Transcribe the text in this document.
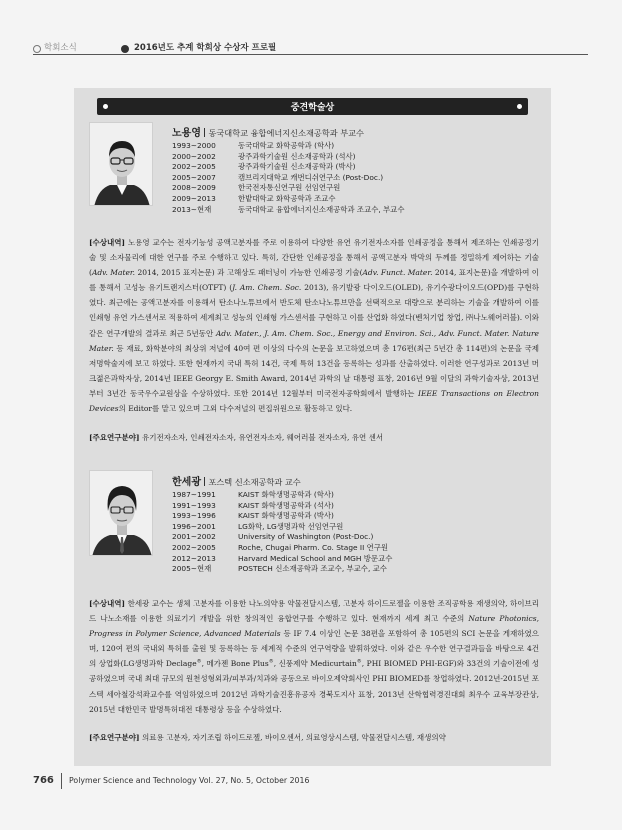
학회소식	2016년도 추계 학회상 수상자 프로필
중견학술상
노용영 동국대학교 융합에너지신소재공학과 부교수
1993~2000	동국대학교 화학공학과 (학사)
2000~2002	광주과학기술원 신소재공학과 (석사)
2002~2005	광주과학기술원 신소재공학과 (박사)
2005~2007	캠브리지대학교 캐번디쉬연구소 (Post-Doc.)
2008~2009	한국전자통신연구원 선임연구원
2009~2013	한밭대학교 화학공학과 조교수
2013~현재	동국대학교 융합에너지신소재공학과 조교수, 부교수
[수상내역] 노용영 교수는 전자기능성 공액고분자를 주로 이용하여 다양한 유연 유기전자소자를 인쇄공정을 통해서 제조하는 인쇄공정기술 및 소자물리에 대한 연구를 주로 수행하고 있다. 특히, 간단한 인쇄공정을 통해서 공액고분자 박막의 두께를 정밀하게 제어하는 기술(Adv. Mater. 2014, 2015 표지논문) 과 고해상도 패터닝이 가능한 인쇄공정 기술(Adv. Funct. Mater. 2014, 표지논문)을 개발하여 이를 통해서 고성능 유기트랜지스터(OTFT) (J. Am. Chem. Soc. 2013), 유기발광 다이오드(OLED), 유기수광다이오드(OPD)를 구현하였다. 최근에는 공액고분자를 이용해서 탄소나노튜브에서 반도체 탄소나노튜브만을 선택적으로 대량으로 분리하는 기술을 개발하여 이를 인쇄형 유연 가스센서로 적용하여 세계최고 성능의 인쇄형 가스센서를 구현하고 이를 산업화 하였다(벤처기업 창업, ㈜나노웨어러블). 이와 같은 연구개발의 결과로 최근 5년동안 Adv. Mater., J. Am. Chem. Soc., Energy and Environ. Sci., Adv. Funct. Mater. Nature Mater. 등 재료, 화학분야의 최상위 저널에 40여 편 이상의 다수의 논문을 보고하였으며 총 176편(최근 5년간 총 114편)의 논문을 국제 저명학술지에 보고 하였다. 또한 현재까지 국내 특허 14건, 국제 특허 13건을 등록하는 성과를 산출하였다. 이러한 연구성과로 2013년 머크젊은과학자상, 2014년 IEEE Georgy E. Smith Award, 2014년 과학의 날 대통령 표창, 2016년 9월 이달의 과학기술자상, 2013년부터 3년간 동국우수교원상을 수상하였다. 또한 2014년 12월부터 미국전자공학회에서 발행하는 IEEE Transactions on Electron Devices의 Editor를 맡고 있으며 그외 다수저널의 편집위원으로 활동하고 있다.
[주요연구분야] 유기전자소자, 인쇄전자소자, 유연전자소자, 웨어러블 전자소자, 유연 센서
한세광 포스텍 신소재공학과 교수
1987~1991	KAIST 화학생명공학과 (학사)
1991~1993	KAIST 화학생명공학과 (석사)
1993~1996	KAIST 화학생명공학과 (박사)
1996~2001	LG화학, LG생명과학 선임연구원
2001~2002	University of Washington (Post-Doc.)
2002~2005	Roche, Chugai Pharm. Co. Stage II 연구원
2012~2013	Harvard Medical School and MGH 방문교수
2005~현재	POSTECH 신소재공학과 조교수, 부교수, 교수
[수상내역] 한세광 교수는 생체 고분자를 이용한 나노의약용 약물전달시스템, 고분자 하이드로젤을 이용한 조직공학용 재생의약, 하이브리드 나노소재를 이용한 의료기기 개발을 위한 창의적인 융합연구를 수행하고 있다. 현재까지 세계 최고 수준의 Nature Photonics, Progress in Polymer Science, Advanced Materials 등 IF 7.4 이상인 논문 38편을 포함하여 총 105편의 SCI 논문을 게재하였으며, 120여 편의 국내외 특허를 출원 및 등록하는 등 세계적 수준의 연구역량을 발휘하였다. 이와 같은 우수한 연구결과들을 바탕으로 4건의 상업화(LG생명과학 Declage®, 메가젠 Bone Plus®, 신풍제약 Medicurtain®, PHI BIOMED PHI-EGF)와 33건의 기술이전에 성공하였으며 국내 최대 규모의 원천성형외과/피부과/치과와 공동으로 바이오제약회사인 PHI BIOMED를 창업하였다. 2012년-2015년 포스텍 세아철강석좌교수를 역임하였으며 2012년 과학기술진흥유공자 경북도지사 표창, 2013년 산학협력경진대회 최우수 교육부장관상, 2015년 대한민국 발명특허대전 대통령상 등을 수상하였다.
[주요연구분야] 의료용 고분자, 자기조립 하이드로젤, 바이오센서, 의료영상시스템, 약물전달시스템, 재생의약
766 Polymer Science and Technology Vol. 27, No. 5, October 2016
